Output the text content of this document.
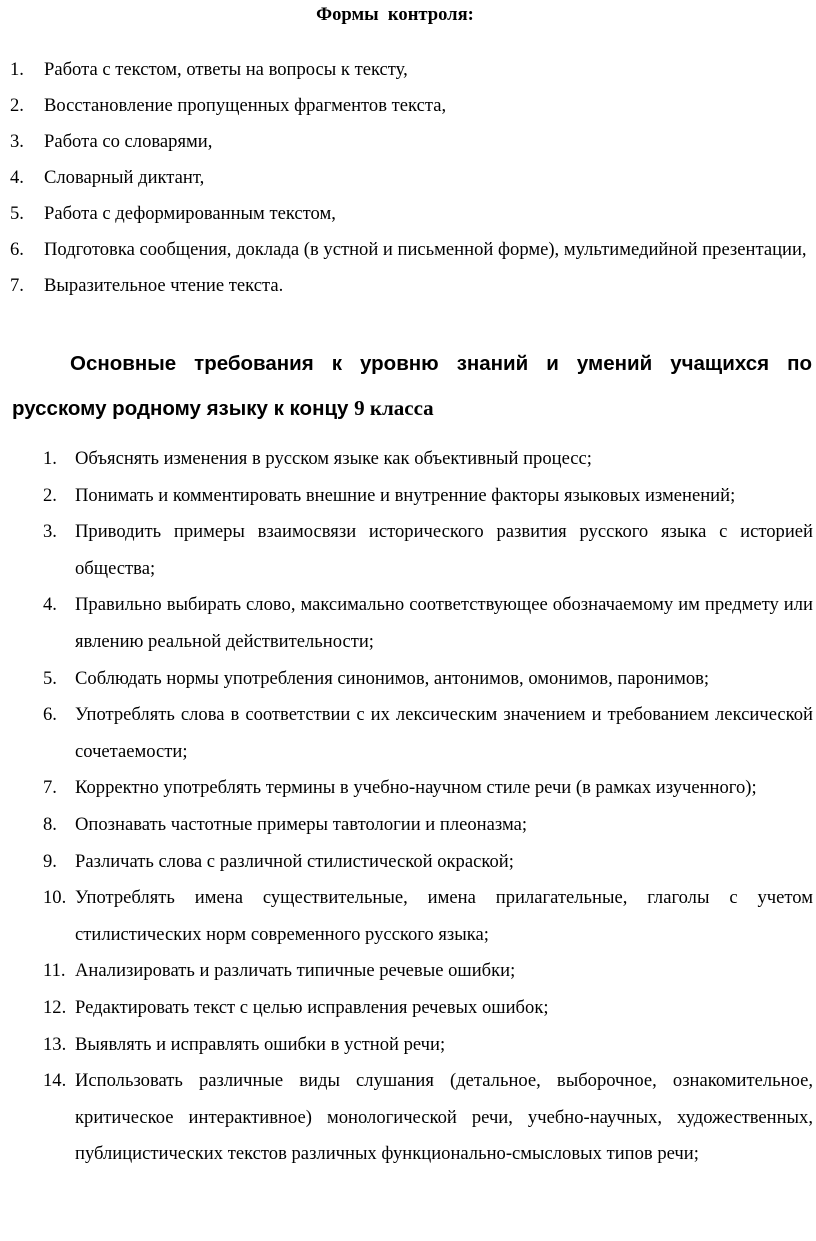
Формы  контроля:
1. Работа с текстом, ответы на вопросы к тексту,
2. Восстановление пропущенных фрагментов текста,
3. Работа со словарями,
4. Словарный диктант,
5. Работа с деформированным текстом,
6. Подготовка сообщения, доклада (в устной и письменной форме), мультимедийной презентации,
7. Выразительное чтение текста.
Основные требования к уровню знаний и умений учащихся по русскому родному языку к концу 9 класса
1. Объяснять изменения в русском языке как объективный процесс;
2. Понимать и комментировать внешние и внутренние факторы языковых изменений;
3. Приводить примеры взаимосвязи исторического развития русского языка с историей общества;
4. Правильно выбирать слово, максимально соответствующее обозначаемому им предмету или явлению реальной действительности;
5. Соблюдать нормы употребления синонимов, антонимов, омонимов, паронимов;
6. Употреблять слова в соответствии с их лексическим значением и требованием лексической сочетаемости;
7. Корректно употреблять термины в учебно-научном стиле речи (в рамках изученного);
8. Опознавать частотные примеры тавтологии и плеоназма;
9. Различать слова с различной стилистической окраской;
10. Употреблять имена существительные, имена прилагательные, глаголы с учетом стилистических норм современного русского языка;
11. Анализировать и различать типичные речевые ошибки;
12. Редактировать текст с целью исправления речевых ошибок;
13. Выявлять и исправлять ошибки в устной речи;
14. Использовать различные виды слушания (детальное, выборочное, ознакомительное, критическое интерактивное) монологической речи, учебно-научных, художественных, публицистических текстов различных функционально-смысловых типов речи;
